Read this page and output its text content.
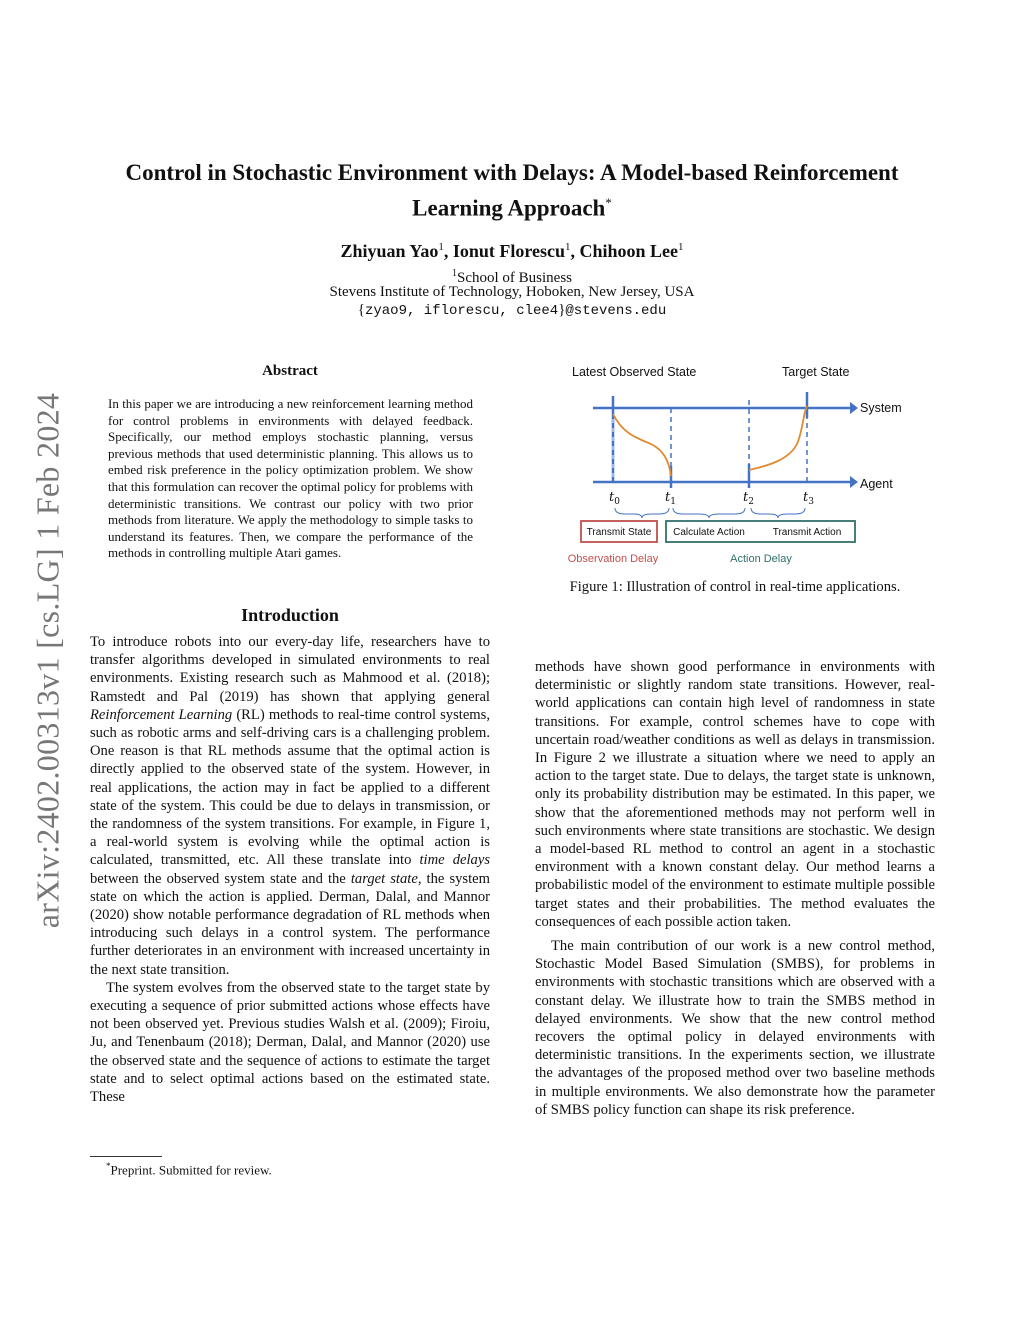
arXiv:2402.00313v1 [cs.LG] 1 Feb 2024
Control in Stochastic Environment with Delays: A Model-based Reinforcement
Learning Approach*
Zhiyuan Yao$^1$, Ionut Florescu$^1$, Chihoon Lee$^1$
$^1$School of Business
Stevens Institute of Technology, Hoboken, New Jersey, USA
{zyao9, iflorescu, clee4}@stevens.edu
Abstract
In this paper we are introducing a new reinforcement learning method for control problems in environments with delayed feedback. Specifically, our method employs stochastic planning, versus previous methods that used deterministic planning. This allows us to embed risk preference in the policy optimization problem. We show that this formulation can recover the optimal policy for problems with deterministic transitions. We contrast our policy with two prior methods from literature. We apply the methodology to simple tasks to understand its features. Then, we compare the performance of the methods in controlling multiple Atari games.
Introduction

To introduce robots into our every-day life, researchers have to transfer algorithms developed in simulated environments to real environments. Existing research such as Mahmood et al. (2018); Ramstedt and Pal (2019) has shown that applying general Reinforcement Learning (RL) methods to real-time control systems, such as robotic arms and self-driving cars is a challenging problem. One reason is that RL methods assume that the optimal action is directly applied to the observed state of the system. However, in real applications, the action may in fact be applied to a different state of the system. This could be due to delays in transmission, or the randomness of the system transitions. For example, in Figure 1, a real-world system is evolving while the optimal action is calculated, transmitted, etc. All these translate into time delays between the observed system state and the target state, the system state on which the action is applied. Derman, Dalal, and Mannor (2020) show notable performance degradation of RL methods when introducing such delays in a control system. The performance further deteriorates in an environment with increased uncertainty in the next state transition.

The system evolves from the observed state to the target state by executing a sequence of prior submitted actions whose effects have not been observed yet. Previous studies Walsh et al. (2009); Firoiu, Ju, and Tenenbaum (2018); Derman, Dalal, and Mannor (2020) use the observed state and the sequence of actions to estimate the target state and to select optimal actions based on the estimated state. These

*Preprint. Submitted for review.
Latest Observed State	Target State
System
Agent
$t_0$	$t_1$	$t_2$	$t_3$
Transmit State Calculate Action	Transmit Action
Observation Delay	Action Delay
Figure 1: Illustration of control in real-time applications.

methods have shown good performance in environments with deterministic or slightly random state transitions. However, real-world applications can contain high level of randomness in state transitions. For example, control schemes have to cope with uncertain road/weather conditions as well as delays in transmission. In Figure 2 we illustrate a situation where we need to apply an action to the target state. Due to delays, the target state is unknown, only its probability distribution may be estimated. In this paper, we show that the aforementioned methods may not perform well in such environments where state transitions are stochastic. We design a model-based RL method to control an agent in a stochastic environment with a known constant delay. Our method learns a probabilistic model of the environment to estimate multiple possible target states and their probabilities. The method evaluates the consequences of each possible action taken.

The main contribution of our work is a new control method, Stochastic Model Based Simulation (SMBS), for problems in environments with stochastic transitions which are observed with a constant delay. We illustrate how to train the SMBS method in delayed environments. We show that the new control method recovers the optimal policy in delayed environments with deterministic transitions. In the experiments section, we illustrate the advantages of the proposed method over two baseline methods in multiple environments. We also demonstrate how the parameter of SMBS policy function can shape its risk preference.
